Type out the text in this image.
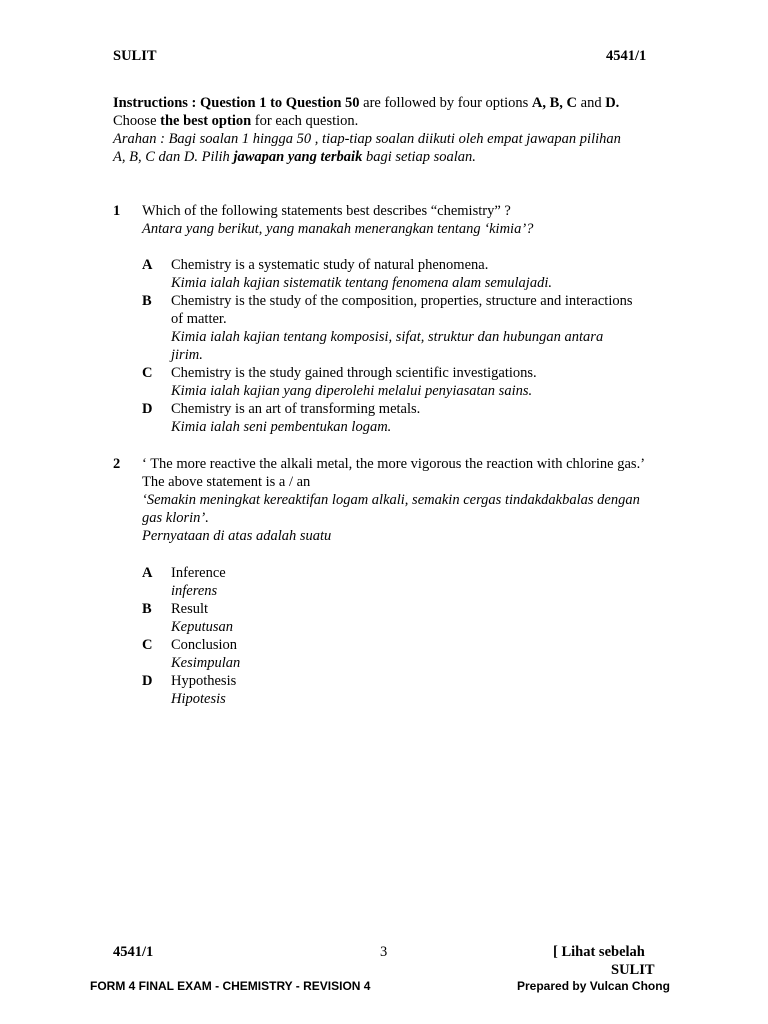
SULIT	4541/1
Instructions : Question 1 to Question 50 are followed by four options A, B, C and D.
Choose the best option for each question.
Arahan : Bagi soalan 1 hingga 50 , tiap-tiap soalan diikuti oleh empat jawapan pilihan
A, B, C dan D. Pilih jawapan yang terbaik bagi setiap soalan.
1 Which of the following statements best describes “chemistry” ?
Antara yang berikut, yang manakah menerangkan tentang ‘kimia’?
A Chemistry is a systematic study of natural phenomena.
Kimia ialah kajian sistematik tentang fenomena alam semulajadi.
B Chemistry is the study of the composition, properties, structure and interactions
of matter.
Kimia ialah kajian tentang komposisi, sifat, struktur dan hubungan antara
jirim.
C Chemistry is the study gained through scientific investigations.
Kimia ialah kajian yang diperolehi melalui penyiasatan sains.
D Chemistry is an art of transforming metals.
Kimia ialah seni pembentukan logam.
2 ‘ The more reactive the alkali metal, the more vigorous the reaction with chlorine gas.’
The above statement is a / an
‘Semakin meningkat kereaktifan logam alkali, semakin cergas tindakdakbalas dengan
gas klorin’.
Pernyataan di atas adalah suatu
A Inference
inferens
B Result
Keputusan
C Conclusion
Kesimpulan
D Hypothesis
Hipotesis
4541/1	3	[ Lihat sebelah
SULIT
FORM 4 FINAL EXAM - CHEMISTRY - REVISION 4	Prepared by Vulcan Chong
